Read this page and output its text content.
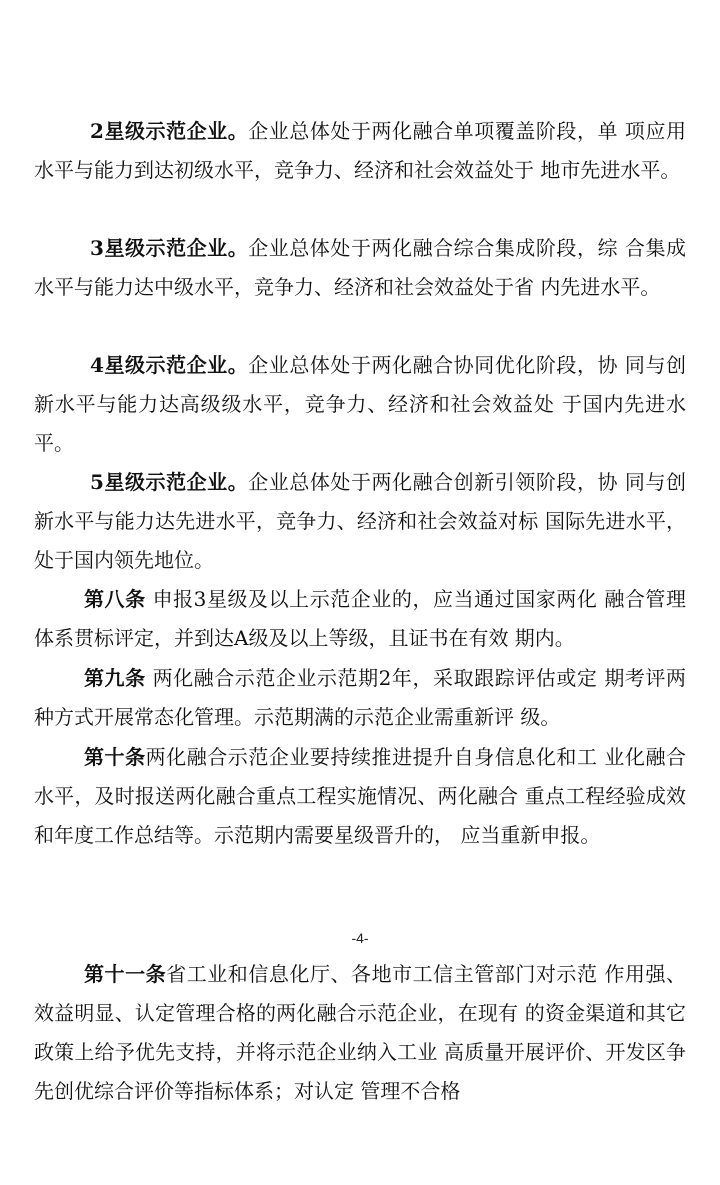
2星级示范企业。企业总体处于两化融合单项覆盖阶段，单 项应用水平与能力到达初级水平，竞争力、经济和社会效益处于 地市先进水平。

3星级示范企业。企业总体处于两化融合综合集成阶段，综 合集成水平与能力达中级水平，竞争力、经济和社会效益处于省 内先进水平。

4星级示范企业。企业总体处于两化融合协同优化阶段，协 同与创新水平与能力达高级级水平，竞争力、经济和社会效益处 于国内先进水平。

5星级示范企业。企业总体处于两化融合创新引领阶段，协 同与创新水平与能力达先进水平，竞争力、经济和社会效益对标 国际先进水平，处于国内领先地位。

第八条 申报3星级及以上示范企业的，应当通过国家两化 融合管理体系贯标评定，并到达A级及以上等级，且证书在有效 期内。

第九条 两化融合示范企业示范期2年，采取跟踪评估或定 期考评两种方式开展常态化管理。示范期满的示范企业需重新评 级。

第十条两化融合示范企业要持续推进提升自身信息化和工 业化融合水平，及时报送两化融合重点工程实施情况、两化融合 重点工程经验成效和年度工作总结等。示范期内需要星级晋升的， 应当重新申报。

-4-

第十一条省工业和信息化厅、各地市工信主管部门对示范 作用强、效益明显、认定管理合格的两化融合示范企业，在现有 的资金渠道和其它政策上给予优先支持，并将示范企业纳入工业 高质量开展评价、开发区争先创优综合评价等指标体系；对认定 管理不合格
